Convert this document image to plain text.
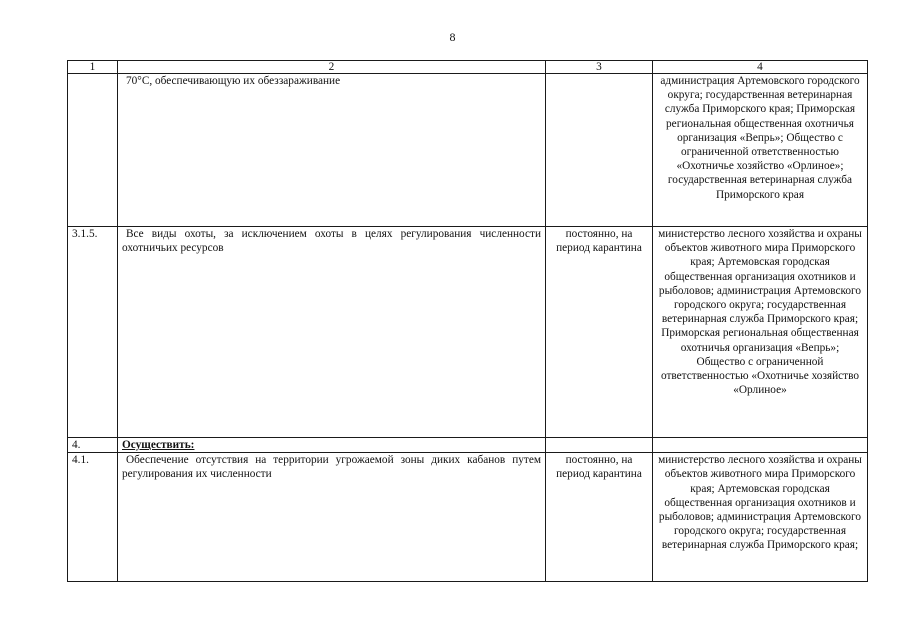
8
1	2	3	4
	70°С, обеспечивающую их обеззараживание		администрация Артемовского городского округа; государственная ветеринарная служба Приморского края; Приморская региональная общественная охотничья организация «Вепрь»; Общество с ограниченной ответственностью «Охотничье хозяйство «Орлиное»; государственная ветеринарная служба Приморского края
3.1.5.	Все виды охоты, за исключением охоты в целях регулирования численности охотничьих ресурсов	постоянно, на период карантина	министерство лесного хозяйства и охраны объектов животного мира Приморского края; Артемовская городская общественная организация охотников и рыболовов; администрация Артемовского городского округа; государственная ветеринарная служба Приморского края; Приморская региональная общественная охотничья организация «Вепрь»; Общество с ограниченной ответственностью «Охотничье хозяйство «Орлиное»
4.	Осуществить:		
4.1.	Обеспечение отсутствия на территории угрожаемой зоны диких кабанов путем регулирования их численности	постоянно, на период карантина	министерство лесного хозяйства и охраны объектов животного мира Приморского края; Артемовская городская общественная организация охотников и рыболовов; администрация Артемовского городского округа; государственная ветеринарная служба Приморского края;
